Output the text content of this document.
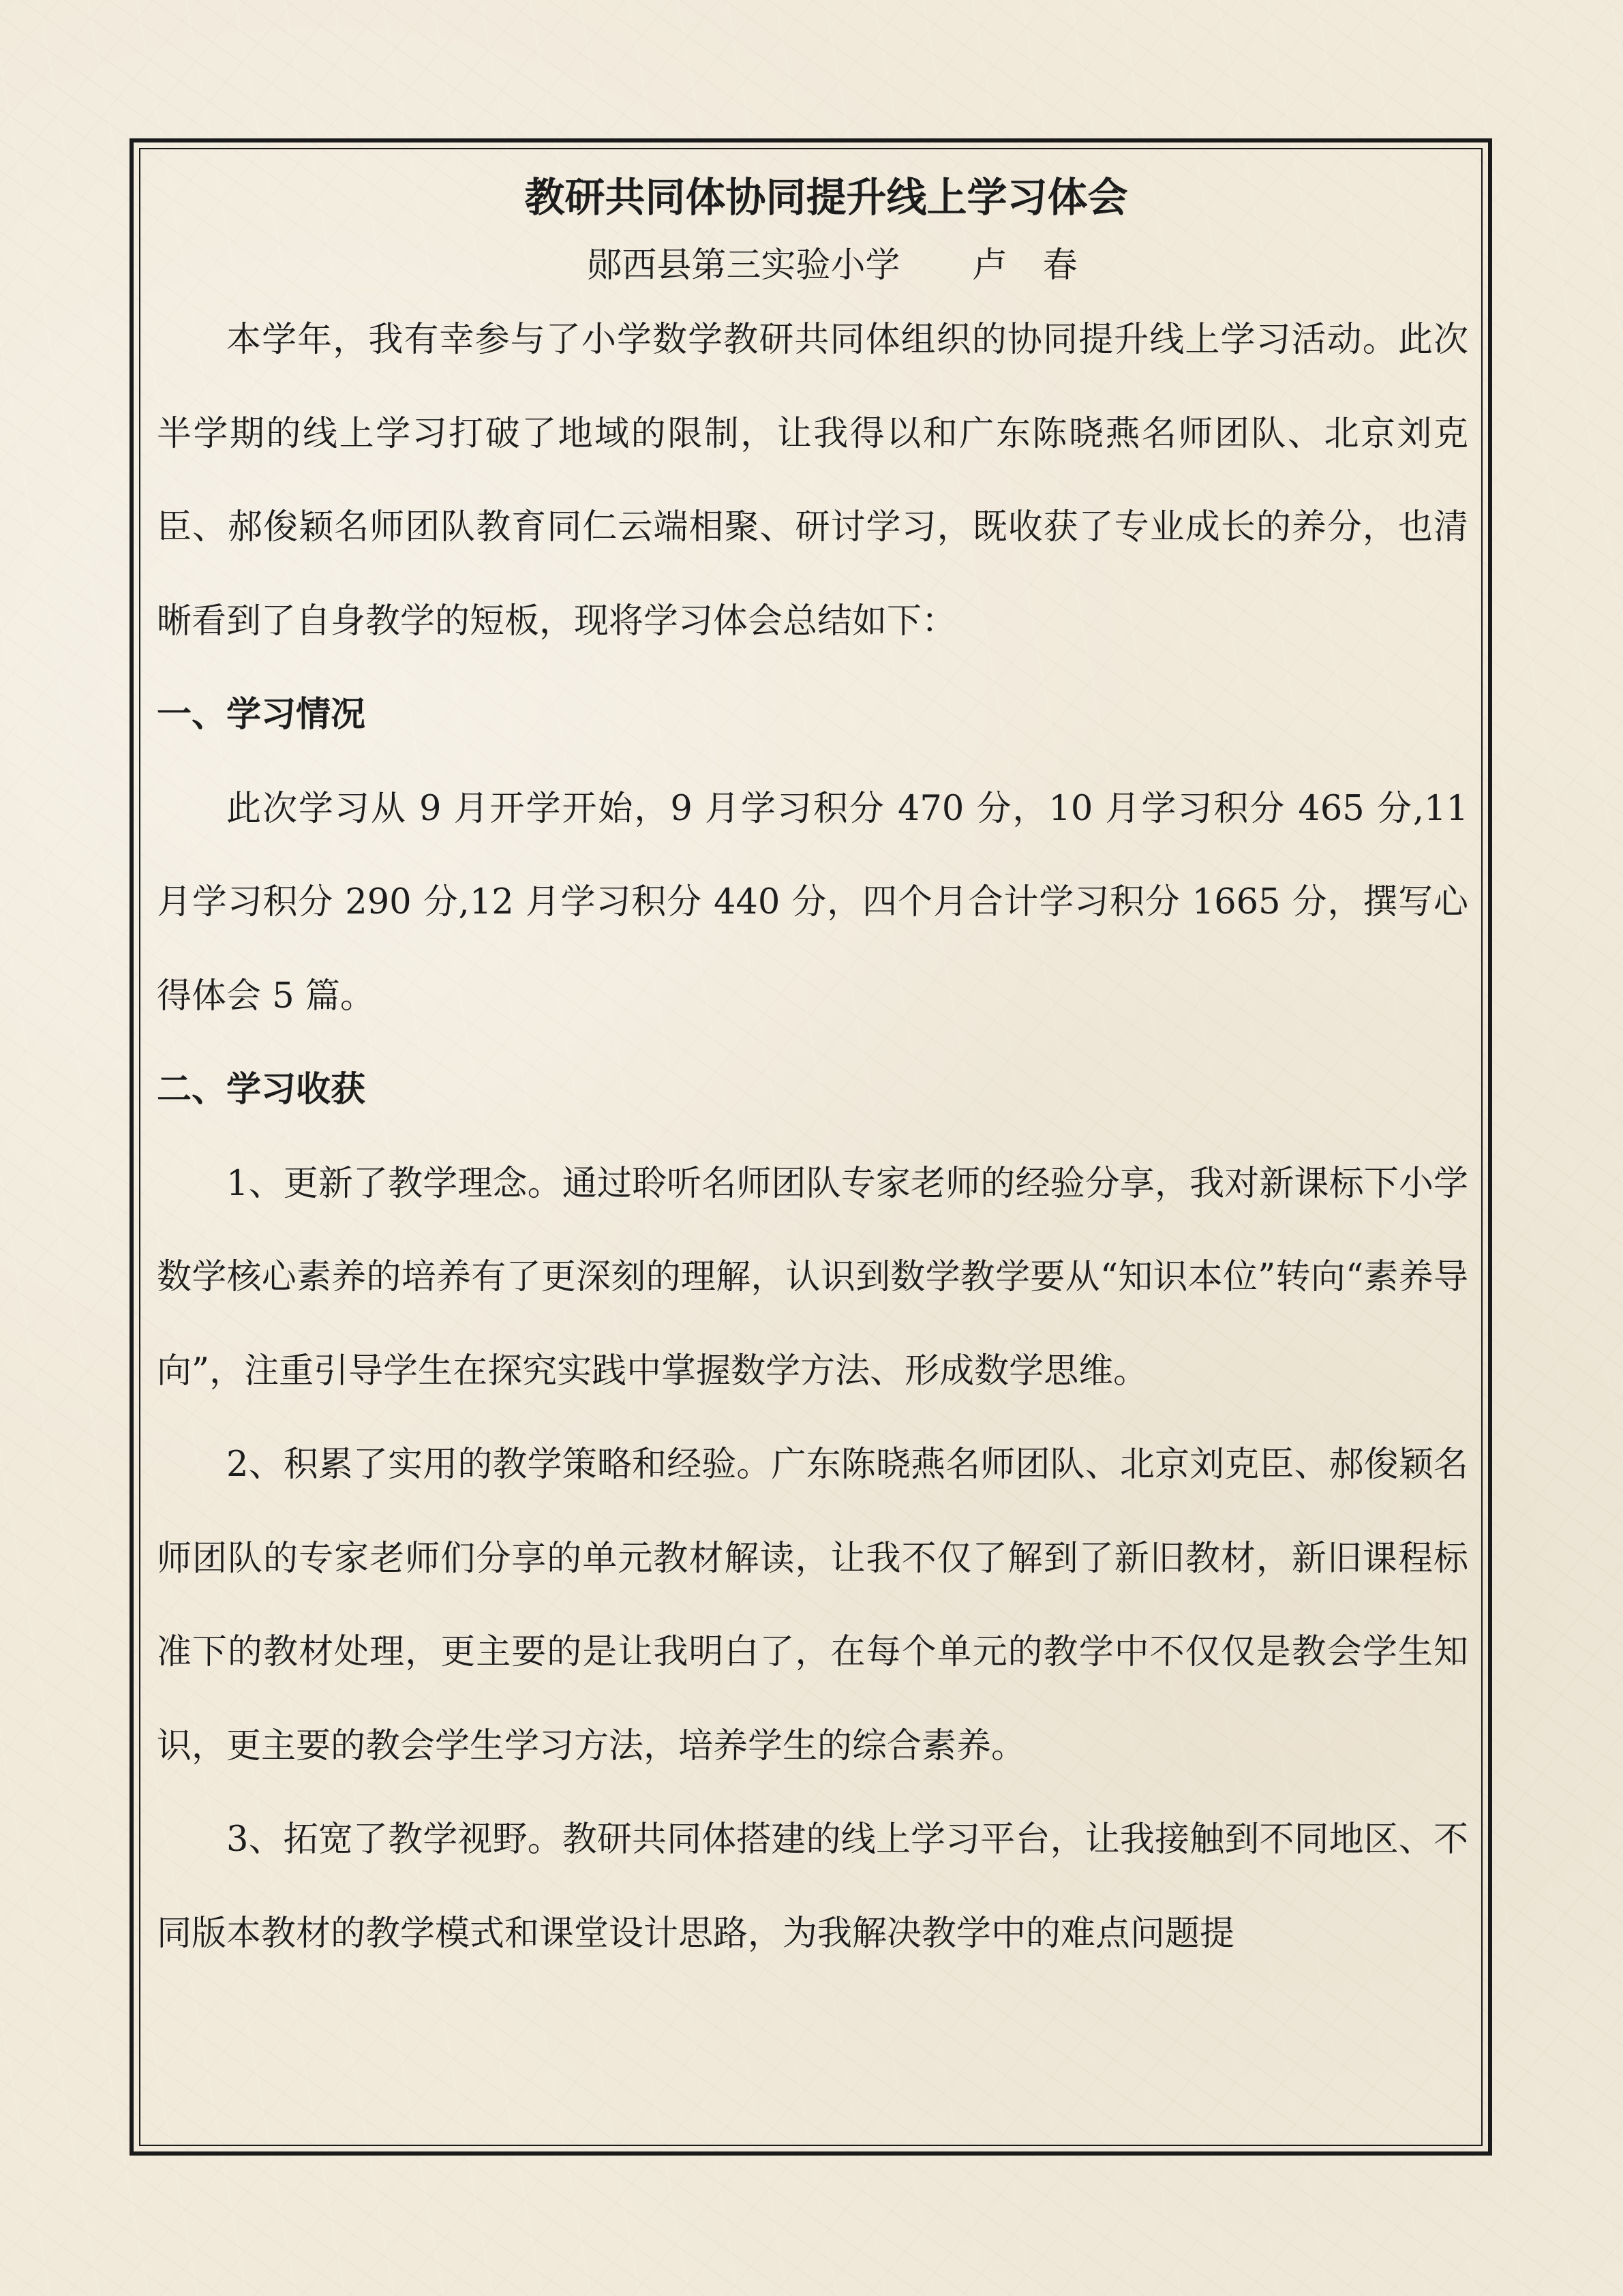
教研共同体协同提升线上学习体会
郧西县第三实验小学 卢 春

本学年，我有幸参与了小学数学教研共同体组织的协同提升线上学习活动。此次半学期的线上学习打破了地域的限制，让我得以和广东陈晓燕名师团队、北京刘克臣、郝俊颖名师团队教育同仁云端相聚、研讨学习，既收获了专业成长的养分，也清晰看到了自身教学的短板，现将学习体会总结如下：

一、学习情况

此次学习从 9 月开学开始，9 月学习积分 470 分，10 月学习积分 465 分,11 月学习积分 290 分,12 月学习积分 440 分，四个月合计学习积分 1665 分，撰写心得体会 5 篇。

二、学习收获

1、更新了教学理念。通过聆听名师团队专家老师的经验分享，我对新课标下小学数学核心素养的培养有了更深刻的理解，认识到数学教学要从“知识本位”转向“素养导向”，注重引导学生在探究实践中掌握数学方法、形成数学思维。

2、积累了实用的教学策略和经验。广东陈晓燕名师团队、北京刘克臣、郝俊颖名师团队的专家老师们分享的单元教材解读，让我不仅了解到了新旧教材，新旧课程标准下的教材处理，更主要的是让我明白了，在每个单元的教学中不仅仅是教会学生知识，更主要的教会学生学习方法，培养学生的综合素养。

3、拓宽了教学视野。教研共同体搭建的线上学习平台，让我接触到不同地区、不同版本教材的教学模式和课堂设计思路，为我解决教学中的难点问题提
